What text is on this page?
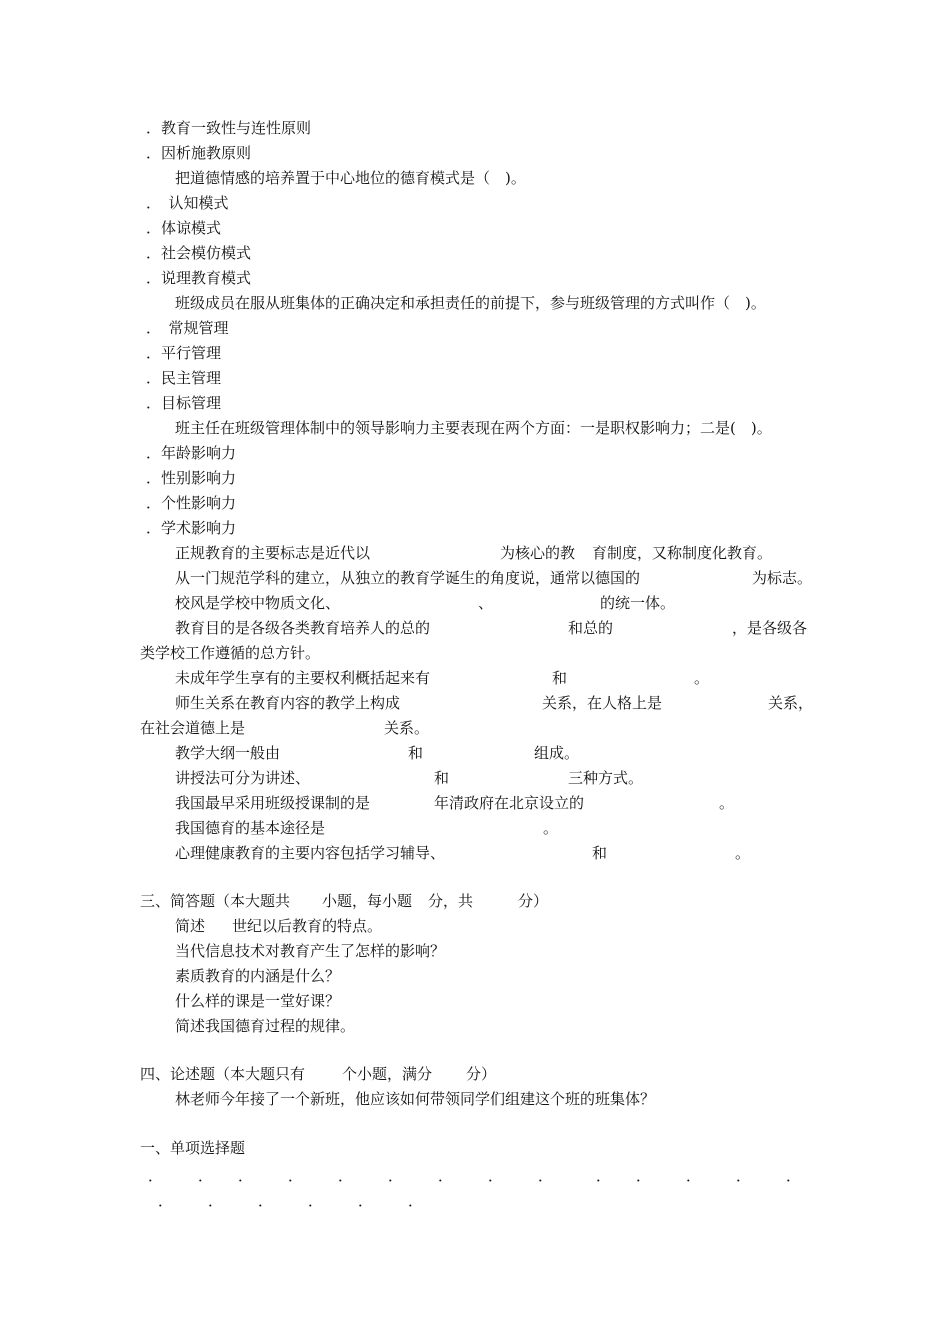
．教育一致性与连性原则
．因析施教原则
把道德情感的培养置于中心地位的德育模式是（　)。
．　认知模式
．体谅模式
．社会模仿模式
．说理教育模式
班级成员在服从班集体的正确决定和承担责任的前提下，参与班级管理的方式叫作（　)。
．　常规管理
．平行管理
．民主管理
．目标管理
班主任在班级管理体制中的领导影响力主要表现在两个方面：一是职权影响力；二是(　)。
．年龄影响力
．性别影响力
．个性影响力
．学术影响力
正规教育的主要标志是近代以	为核心的教 育制度，又称制度化教育。
从一门规范学科的建立，从独立的教育学诞生的角度说，通常以德国的	为标志。
校风是学校中物质文化、	、	的统一体。
教育目的是各级各类教育培养人的总的	和总的	，是各级各
类学校工作遵循的总方针。
未成年学生享有的主要权利概括起来有	和	。
师生关系在教育内容的教学上构成	关系，在人格上是	关系，
在社会道德上是	关系。
教学大纲一般由	和	组成。
讲授法可分为讲述、	和	三种方式。
我国最早采用班级授课制的是	年清政府在北京设立的	。
我国德育的基本途径是	。
心理健康教育的主要内容包括学习辅导、	和	。
三、简答题（本大题共 小题，每小题 分，共	分）
简述 世纪以后教育的特点。
当代信息技术对教育产生了怎样的影响？
素质教育的内涵是什么？
什么样的课是一堂好课？
简述我国德育过程的规律。
四、论述题（本大题只有 个小题，满分 分）
林老师今年接了一个新班，他应该如何带领同学们组建这个班的班集体？
一、单项选择题
． ． ． ． ． ． ． ． ．	． ． ． ． ．
． ． ． ． ． ．
